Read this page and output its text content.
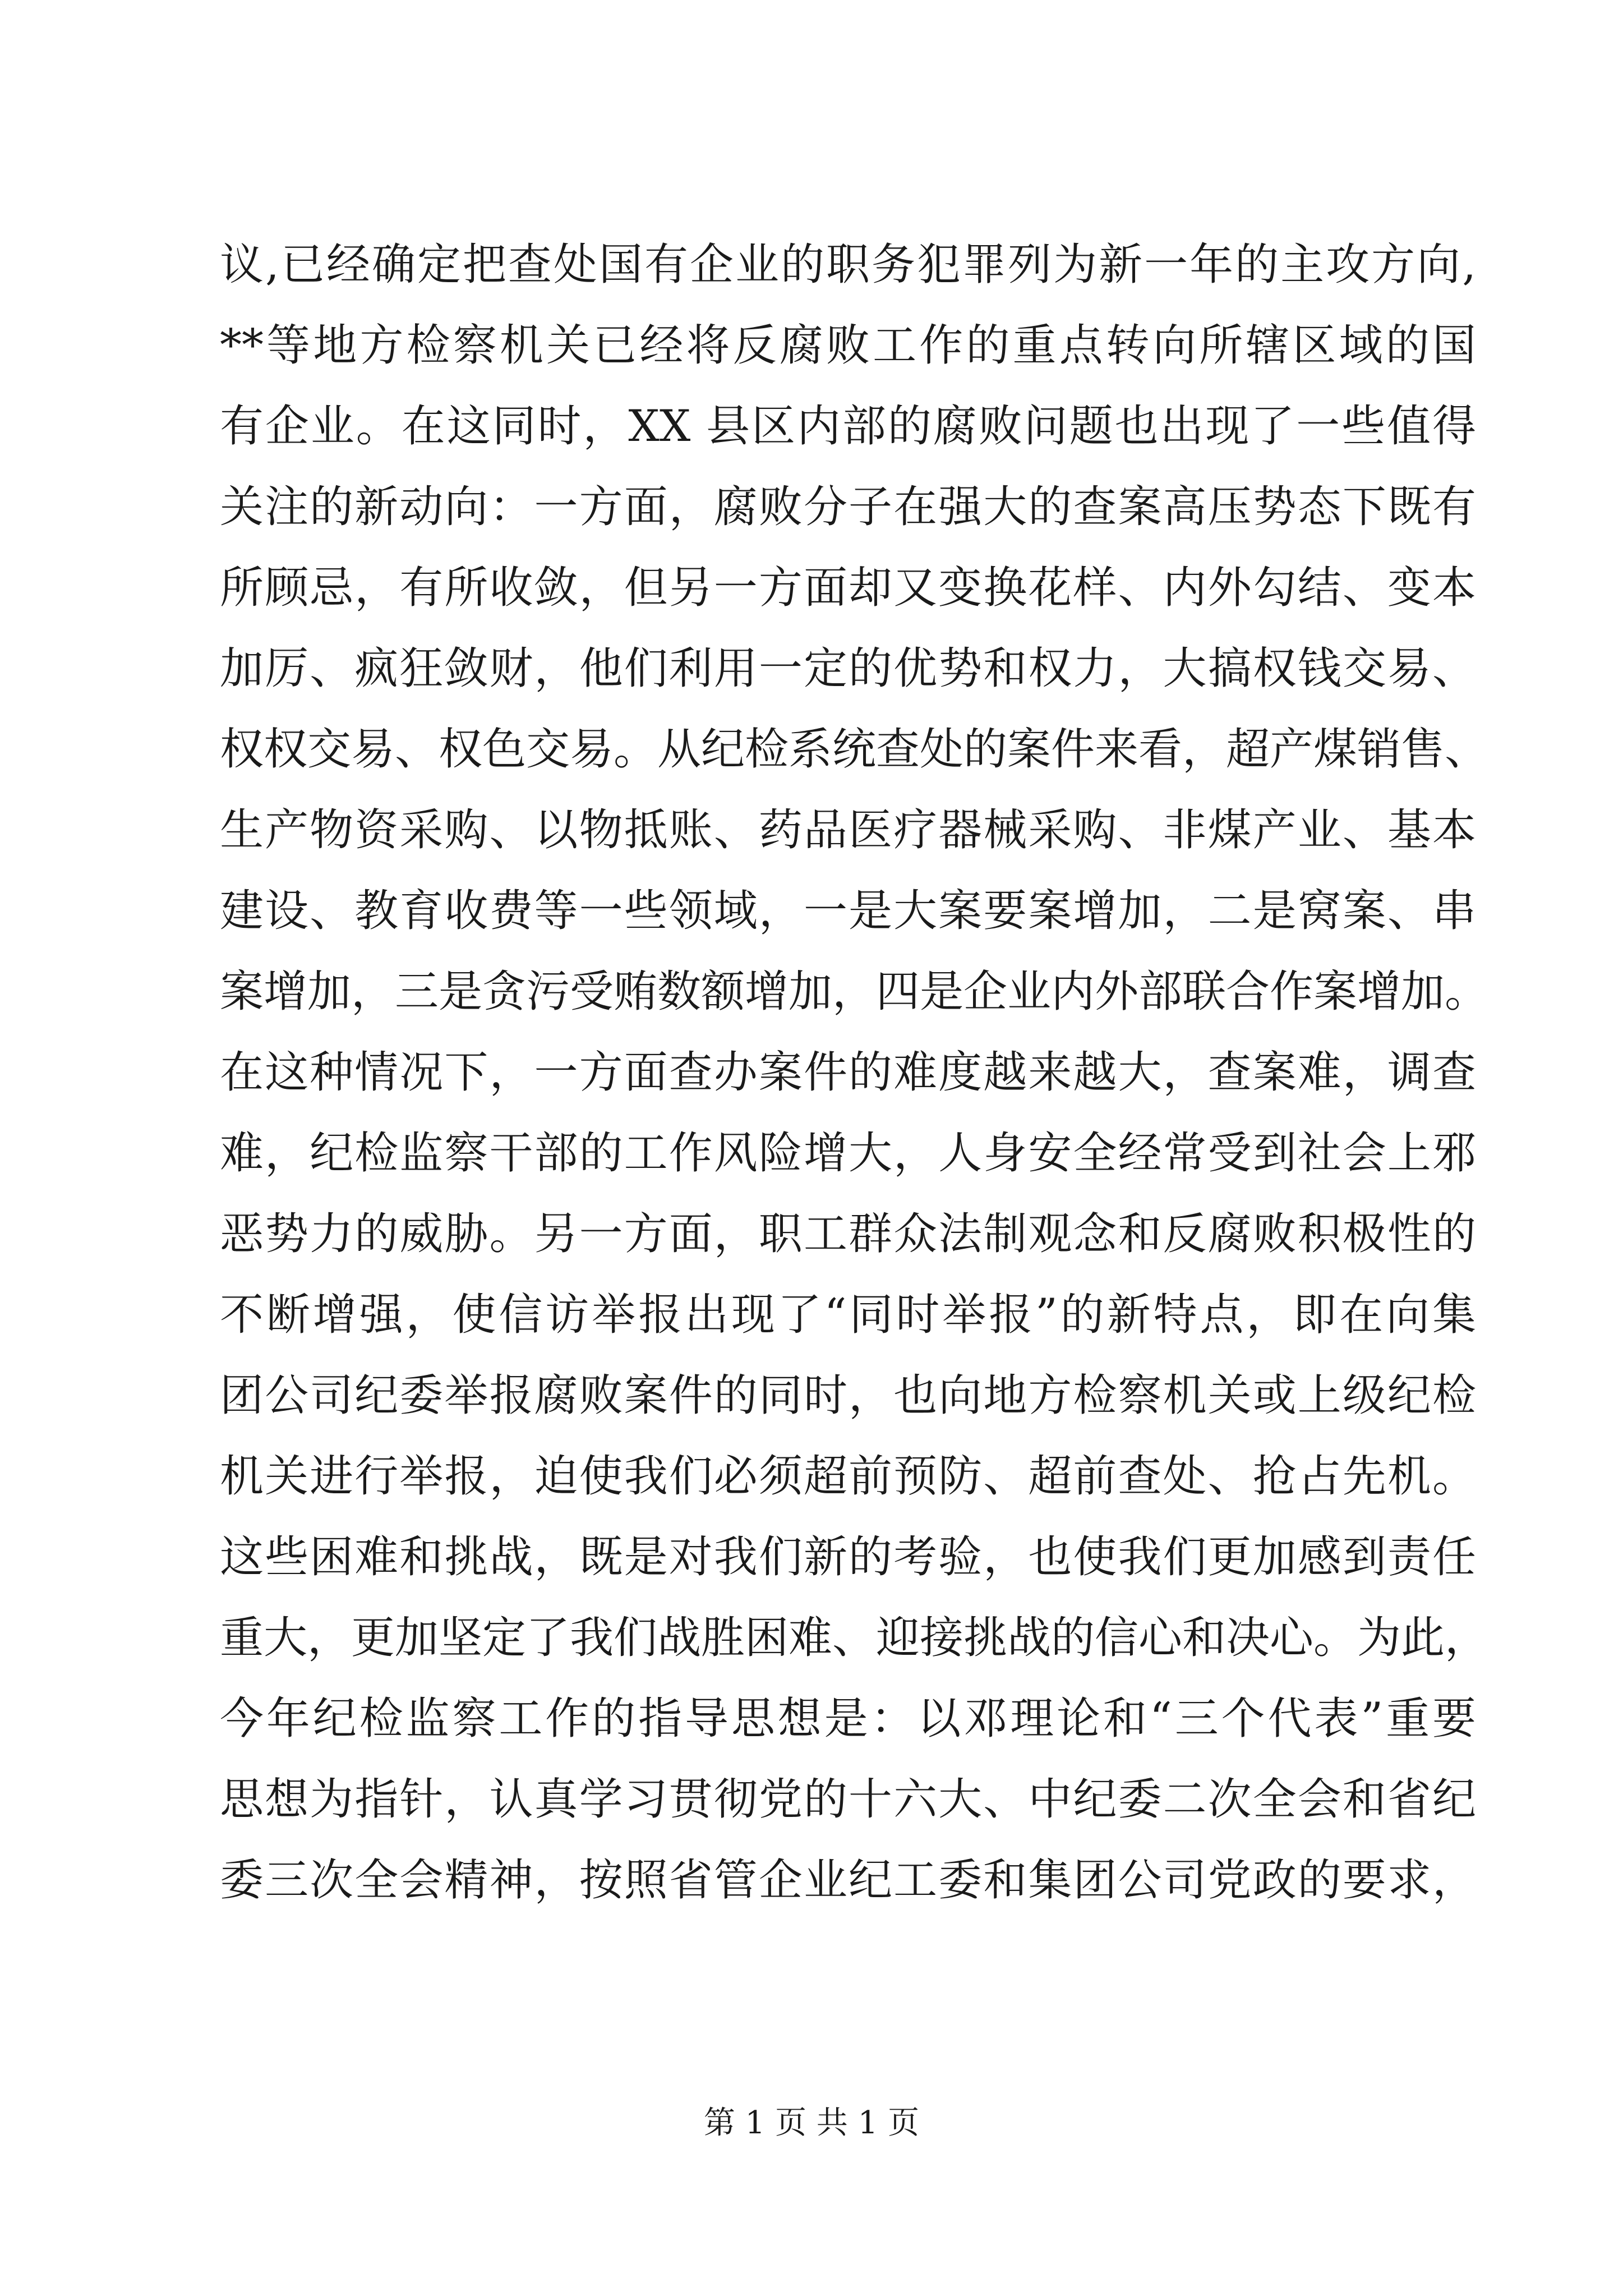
议,已经确定把查处国有企业的职务犯罪列为新一年的主攻方向,
**等地方检察机关已经将反腐败工作的重点转向所辖区域的国
有企业。在这同时，XX 县区内部的腐败问题也出现了一些值得
关注的新动向：一方面，腐败分子在强大的查案高压势态下既有
所顾忌，有所收敛，但另一方面却又变换花样、内外勾结、变本
加厉、疯狂敛财，他们利用一定的优势和权力，大搞权钱交易、
权权交易、权色交易。从纪检系统查处的案件来看，超产煤销售、
生产物资采购、以物抵账、药品医疗器械采购、非煤产业、基本
建设、教育收费等一些领域，一是大案要案增加，二是窝案、串
案增加，三是贪污受贿数额增加，四是企业内外部联合作案增加。
在这种情况下，一方面查办案件的难度越来越大，查案难，调查
难，纪检监察干部的工作风险增大，人身安全经常受到社会上邪
恶势力的威胁。另一方面，职工群众法制观念和反腐败积极性的
不断增强，使信访举报出现了“同时举报”的新特点，即在向集
团公司纪委举报腐败案件的同时，也向地方检察机关或上级纪检
机关进行举报，迫使我们必须超前预防、超前查处、抢占先机。
这些困难和挑战，既是对我们新的考验，也使我们更加感到责任
重大，更加坚定了我们战胜困难、迎接挑战的信心和决心。为此，
今年纪检监察工作的指导思想是：以邓理论和“三个代表”重要
思想为指针，认真学习贯彻党的十六大、中纪委二次全会和省纪
委三次全会精神，按照省管企业纪工委和集团公司党政的要求，
第 1 页 共 1 页
